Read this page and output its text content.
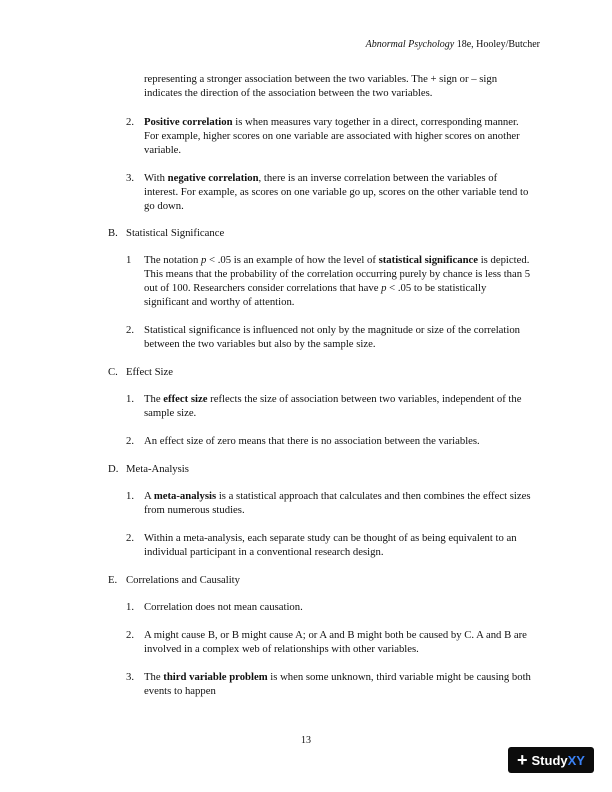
Abnormal Psychology 18e, Hooley/Butcher
representing a stronger association between the two variables. The + sign or – sign indicates the direction of the association between the two variables.
2. Positive correlation is when measures vary together in a direct, corresponding manner. For example, higher scores on one variable are associated with higher scores on another variable.
3. With negative correlation, there is an inverse correlation between the variables of interest. For example, as scores on one variable go up, scores on the other variable tend to go down.
B. Statistical Significance
1 The notation p < .05 is an example of how the level of statistical significance is depicted. This means that the probability of the correlation occurring purely by chance is less than 5 out of 100. Researchers consider correlations that have p < .05 to be statistically significant and worthy of attention.
2. Statistical significance is influenced not only by the magnitude or size of the correlation between the two variables but also by the sample size.
C. Effect Size
1. The effect size reflects the size of association between two variables, independent of the sample size.
2. An effect size of zero means that there is no association between the variables.
D. Meta-Analysis
1. A meta-analysis is a statistical approach that calculates and then combines the effect sizes from numerous studies.
2. Within a meta-analysis, each separate study can be thought of as being equivalent to an individual participant in a conventional research design.
E. Correlations and Causality
1. Correlation does not mean causation.
2. A might cause B, or B might cause A; or A and B might both be caused by C. A and B are involved in a complex web of relationships with other variables.
3. The third variable problem is when some unknown, third variable might be causing both events to happen
13
+ Study XY
